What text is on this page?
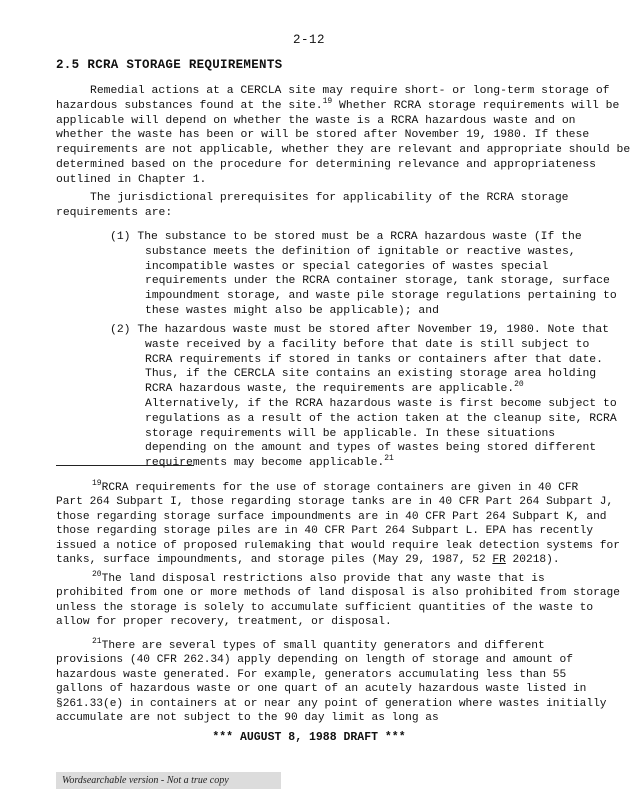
2-12
2.5 RCRA STORAGE REQUIREMENTS
Remedial actions at a CERCLA site may require short- or long-term storage of
hazardous substances found at the site.$^{19}$ Whether RCRA storage requirements will be
applicable will depend on whether the waste is a RCRA hazardous waste and on
whether the waste has been or will be stored after November 19, 1980. If these
requirements are not applicable, whether they are relevant and appropriate should be
determined based on the procedure for determining relevance and appropriateness
outlined in Chapter 1.
The jurisdictional prerequisites for applicability of the RCRA storage
requirements are:
(1) The substance to be stored must be a RCRA hazardous waste (If the
substance meets the definition of ignitable or reactive wastes,
incompatible wastes or special categories of wastes special
requirements under the RCRA container storage, tank storage, surface
impoundment storage, and waste pile storage regulations pertaining to
these wastes might also be applicable); and
(2) The hazardous waste must be stored after November 19, 1980. Note that
waste received by a facility before that date is still subject to
RCRA requirements if stored in tanks or containers after that date.
Thus, if the CERCLA site contains an existing storage area holding
RCRA hazardous waste, the requirements are applicable.$^{20}$
Alternatively, if the RCRA hazardous waste is first become subject to
regulations as a result of the action taken at the cleanup site, RCRA
storage requirements will be applicable. In these situations
depending on the amount and types of wastes being stored different
requirements may become applicable.$^{21}$
$^{19}$RCRA requirements for the use of storage containers are given in 40 CFR
Part 264 Subpart I, those regarding storage tanks are in 40 CFR Part 264 Subpart J,
those regarding storage surface impoundments are in 40 CFR Part 264 Subpart K, and
those regarding storage piles are in 40 CFR Part 264 Subpart L. EPA has recently
issued a notice of proposed rulemaking that would require leak detection systems for
tanks, surface impoundments, and storage piles (May 29, 1987, 52 FR 20218).
$^{20}$The land disposal restrictions also provide that any waste that is
prohibited from one or more methods of land disposal is also prohibited from storage
unless the storage is solely to accumulate sufficient quantities of the waste to
allow for proper recovery, treatment, or disposal.
$^{21}$There are several types of small quantity generators and different
provisions (40 CFR 262.34) apply depending on length of storage and amount of
hazardous waste generated. For example, generators accumulating less than 55
gallons of hazardous waste or one quart of an acutely hazardous waste listed in
§261.33(e) in containers at or near any point of generation where wastes initially
accumulate are not subject to the 90 day limit as long as
*** AUGUST 8, 1988 DRAFT ***
Wordsearchable version - Not a true copy
